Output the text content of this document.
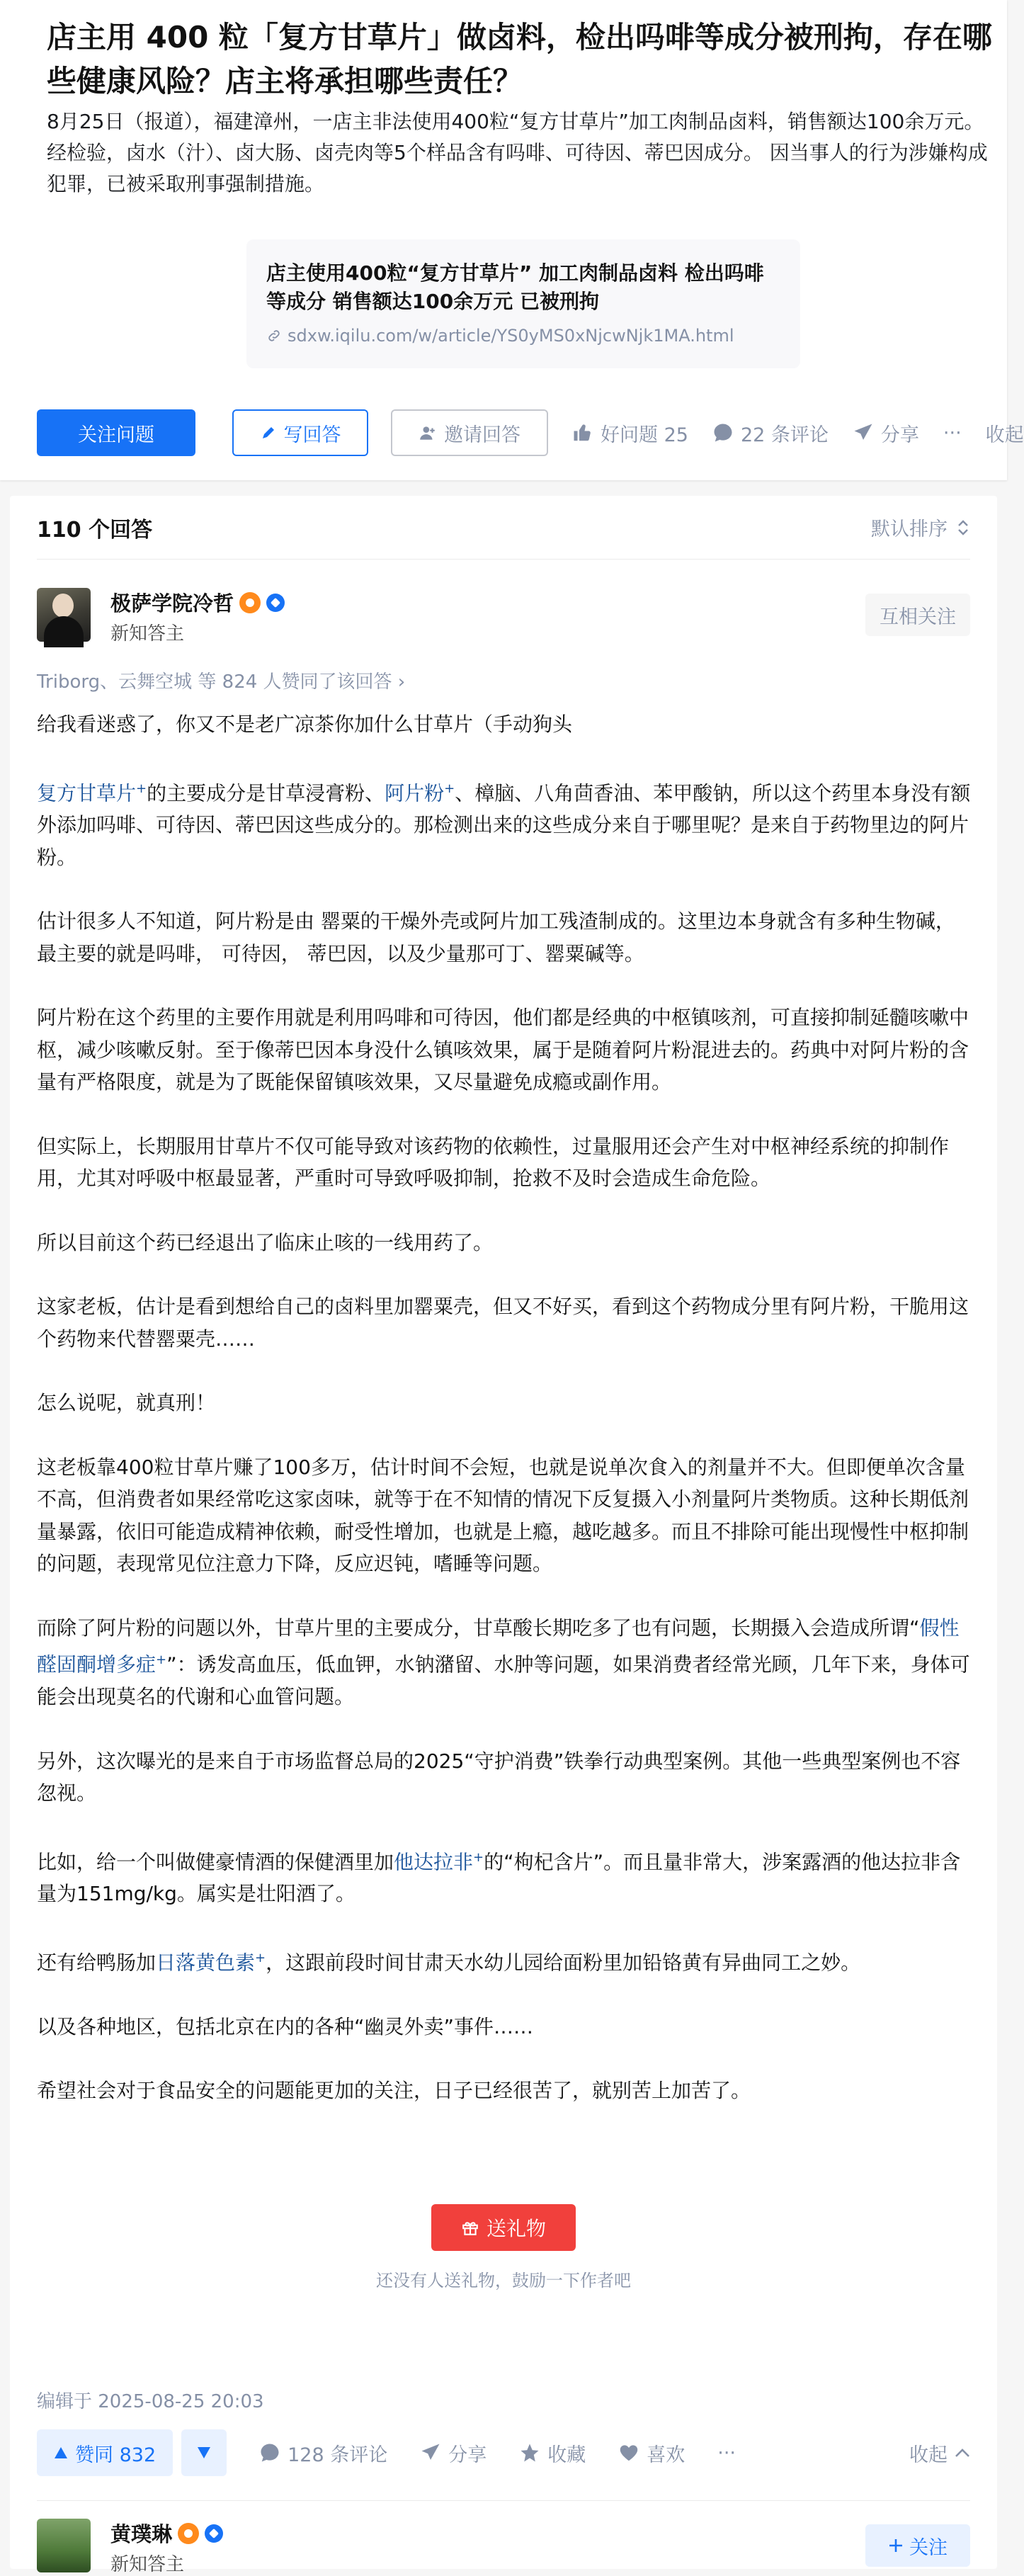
店主用 400 粒「复方甘草片」做卤料，检出吗啡等成分被刑拘，存在哪些健康风险？店主将承担哪些责任？
8月25日（报道），福建漳州，一店主非法使用400粒“复方甘草片”加工肉制品卤料，销售额达100余万元。经检验，卤水（汁）、卤大肠、卤壳肉等5个样品含有吗啡、可待因、蒂巴因成分。 因当事人的行为涉嫌构成犯罪，已被采取刑事强制措施。
店主使用400粒“复方甘草片” 加工肉制品卤料 检出吗啡等成分 销售额达100余万元 已被刑拘
sdxw.iqilu.com/w/article/YS0yMS0xNjcwNjk1MA.html
关注问题	写回答	邀请回答	好问题 25	22 条评论	分享 ··· 收起
110 个回答	默认排序
极萨学院冷哲
新知答主
互相关注
Triborg、云舞空城 等 824 人赞同了该回答 ›

给我看迷惑了，你又不是老广凉茶你加什么甘草片（手动狗头

复方甘草片+的主要成分是甘草浸膏粉、阿片粉+、樟脑、八角茴香油、苯甲酸钠，所以这个药里本身没有额外添加吗啡、可待因、蒂巴因这些成分的。那检测出来的这些成分来自于哪里呢？是来自于药物里边的阿片粉。

估计很多人不知道，阿片粉是由 罂粟的干燥外壳或阿片加工残渣制成的。这里边本身就含有多种生物碱，最主要的就是吗啡， 可待因， 蒂巴因，以及少量那可丁、罂粟碱等。

阿片粉在这个药里的主要作用就是利用吗啡和可待因，他们都是经典的中枢镇咳剂，可直接抑制延髓咳嗽中枢，减少咳嗽反射。至于像蒂巴因本身没什么镇咳效果，属于是随着阿片粉混进去的。药典中对阿片粉的含量有严格限度，就是为了既能保留镇咳效果，又尽量避免成瘾或副作用。

但实际上，长期服用甘草片不仅可能导致对该药物的依赖性，过量服用还会产生对中枢神经系统的抑制作用，尤其对呼吸中枢最显著，严重时可导致呼吸抑制，抢救不及时会造成生命危险。

所以目前这个药已经退出了临床止咳的一线用药了。

这家老板，估计是看到想给自己的卤料里加罂粟壳，但又不好买，看到这个药物成分里有阿片粉，干脆用这个药物来代替罂粟壳……

怎么说呢，就真刑！

这老板靠400粒甘草片赚了100多万，估计时间不会短，也就是说单次食入的剂量并不大。但即便单次含量不高，但消费者如果经常吃这家卤味，就等于在不知情的情况下反复摄入小剂量阿片类物质。这种长期低剂量暴露，依旧可能造成精神依赖，耐受性增加，也就是上瘾，越吃越多。而且不排除可能出现慢性中枢抑制的问题，表现常见位注意力下降，反应迟钝，嗜睡等问题。

而除了阿片粉的问题以外，甘草片里的主要成分，甘草酸长期吃多了也有问题，长期摄入会造成所谓“假性醛固酮增多症+”：诱发高血压，低血钾，水钠潴留、水肿等问题，如果消费者经常光顾，几年下来，身体可能会出现莫名的代谢和心血管问题。

另外，这次曝光的是来自于市场监督总局的2025“守护消费”铁拳行动典型案例。其他一些典型案例也不容忽视。

比如，给一个叫做健豪情酒的保健酒里加他达拉非+的“枸杞含片”。而且量非常大，涉案露酒的他达拉非含量为151mg/kg。属实是壮阳酒了。

还有给鸭肠加日落黄色素+，这跟前段时间甘肃天水幼儿园给面粉里加铅铬黄有异曲同工之妙。

以及各种地区，包括北京在内的各种“幽灵外卖”事件……

希望社会对于食品安全的问题能更加的关注，日子已经很苦了，就别苦上加苦了。

送礼物
还没有人送礼物，鼓励一下作者吧
编辑于 2025-08-25 20:03
赞同 832	128 条评论	分享	收藏	喜欢 ···	收起
黄璞琳
新知答主
关注
